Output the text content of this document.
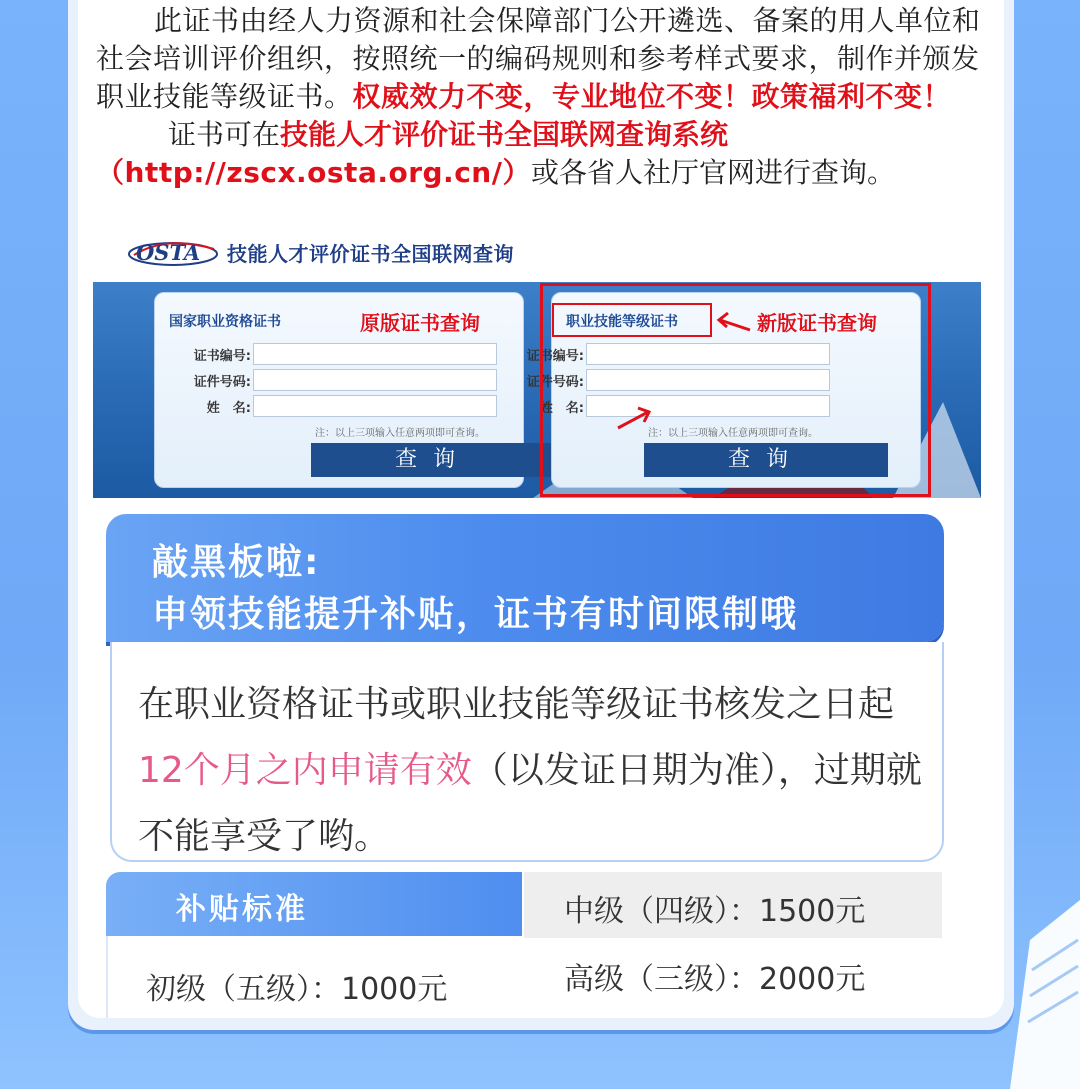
此证书由经人力资源和社会保障部门公开遴选、备案的用人单位和社会培训评价组织，按照统一的编码规则和参考样式要求，制作并颁发职业技能等级证书。权威效力不变，专业地位不变！政策福利不变！

证书可在技能人才评价证书全国联网查询系统

（http://zscx.osta.org.cn/）或各省人社厅官网进行查询。

OSTA 技能人才评价证书全国联网查询
国家职业资格证书	原版证书查询
证书编号:
证件号码:
姓　名:
注：以上三项输入任意两项即可查询。
查询
职业技能等级证书	新版证书查询
证书编号:
证件号码:
姓　名:
注：以上三项输入任意两项即可查询。
查询
敲黑板啦:
申领技能提升补贴，证书有时间限制哦
在职业资格证书或职业技能等级证书核发之日起12个月之内申请有效（以发证日期为准），过期就不能享受了哟。
补贴标准
初级（五级）：1000元
中级（四级）：1500元
高级（三级）：2000元
